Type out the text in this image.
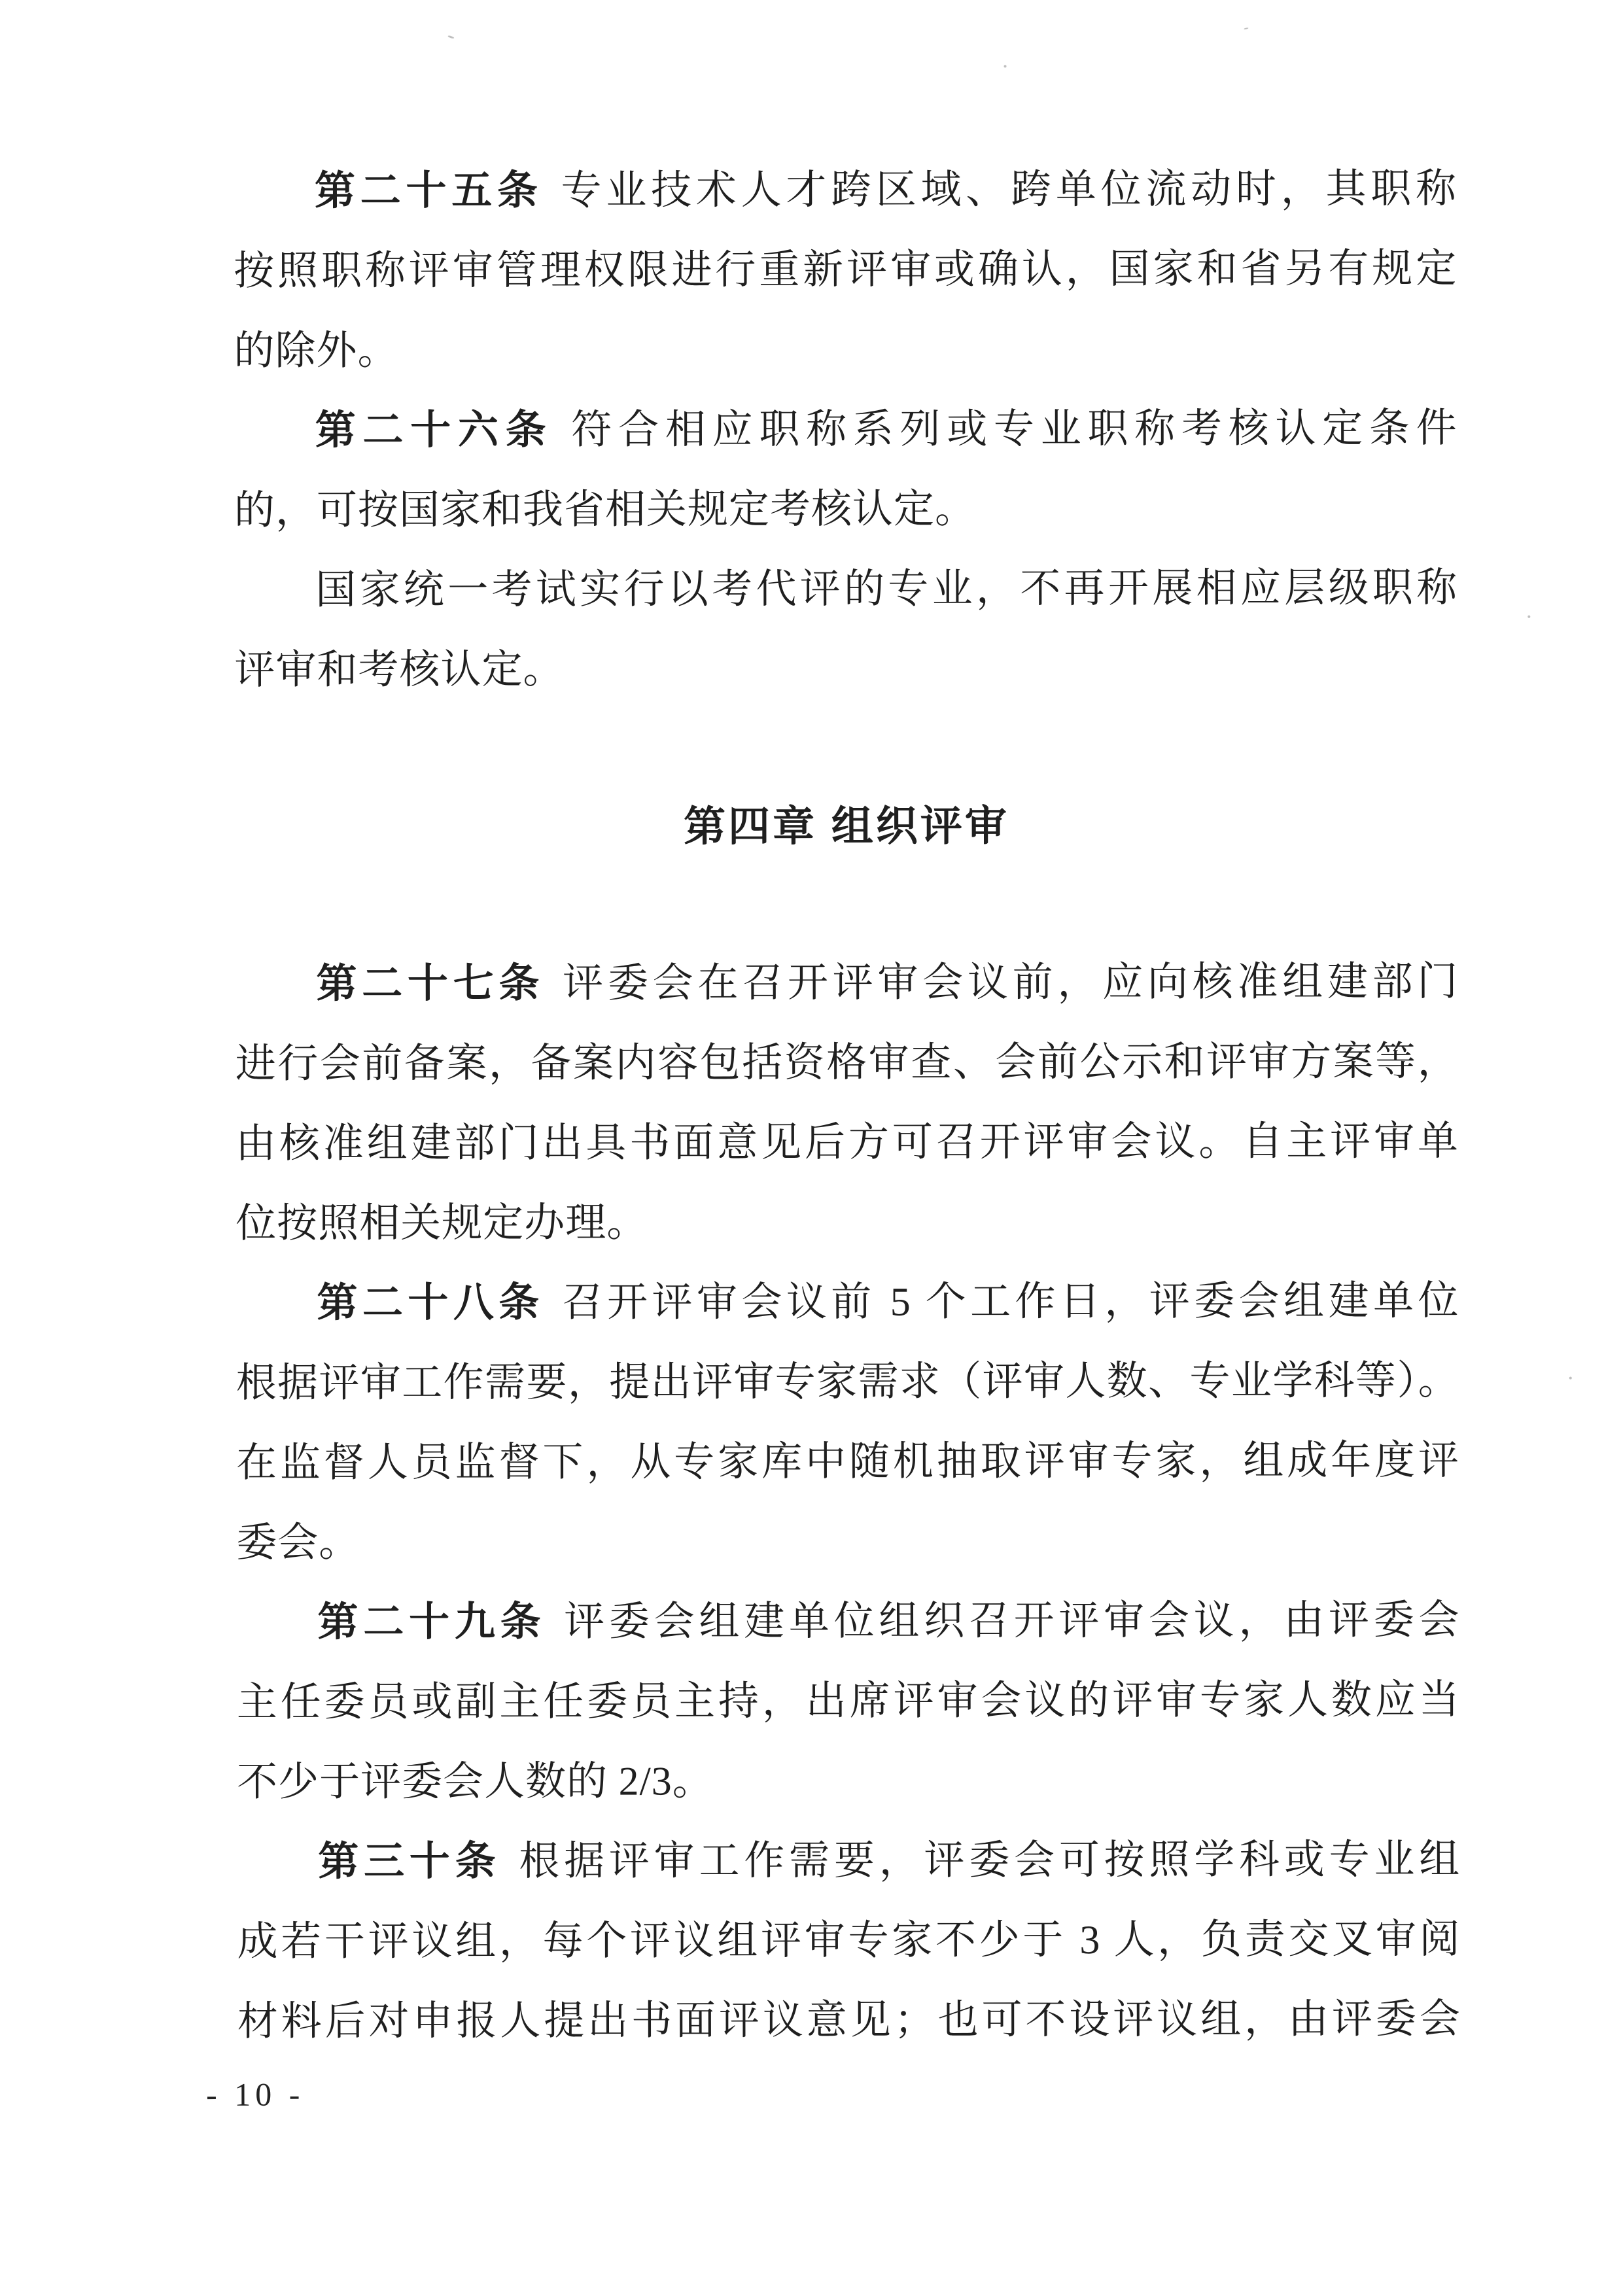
第二十五条 专业技术人才跨区域、跨单位流动时，其职称
按照职称评审管理权限进行重新评审或确认，国家和省另有规定
的除外。
第二十六条 符合相应职称系列或专业职称考核认定条件
的，可按国家和我省相关规定考核认定。
国家统一考试实行以考代评的专业，不再开展相应层级职称
评审和考核认定。
第四章 组织评审
第二十七条 评委会在召开评审会议前，应向核准组建部门
进行会前备案，备案内容包括资格审查、会前公示和评审方案等，
由核准组建部门出具书面意见后方可召开评审会议。自主评审单
位按照相关规定办理。
第二十八条 召开评审会议前 5 个工作日，评委会组建单位
根据评审工作需要，提出评审专家需求（评审人数、专业学科等）。
在监督人员监督下，从专家库中随机抽取评审专家，组成年度评
委会。
第二十九条 评委会组建单位组织召开评审会议，由评委会
主任委员或副主任委员主持，出席评审会议的评审专家人数应当
不少于评委会人数的 2/3。
第三十条 根据评审工作需要，评委会可按照学科或专业组
成若干评议组，每个评议组评审专家不少于 3 人，负责交叉审阅
材料后对申报人提出书面评议意见；也可不设评议组，由评委会
- 10 -
